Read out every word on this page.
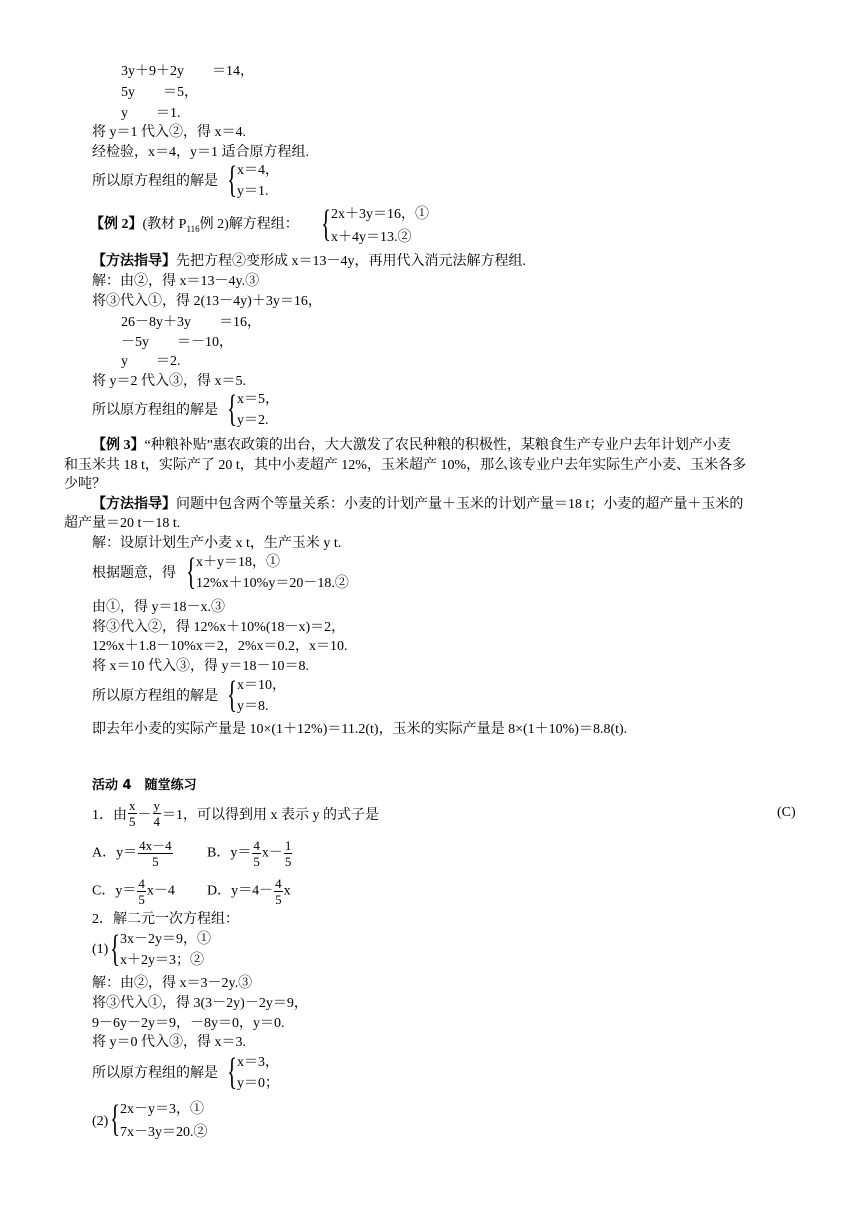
3y＋9＋2y　　＝14，
5y　　＝5，
y　　＝1.
将 y＝1 代入②，得 x＝4.
经检验，x＝4，y＝1 适合原方程组.
所以原方程组的解是 { x＝4，
y＝1.
【例 2】(教材 $P_{116}$例 2)解方程组： { 2x＋3y＝16，①
x＋4y＝13.②
【方法指导】先把方程②变形成 x＝13－4y，再用代入消元法解方程组.
解：由②，得 x＝13－4y.③
将③代入①，得 2(13－4y)＋3y＝16，
26－8y＋3y　　＝16，
－5y　　＝－10，
y　　＝2.
将 y＝2 代入③，得 x＝5.
所以原方程组的解是 { x＝5，
y＝2.
【例 3】“种粮补贴”惠农政策的出台，大大激发了农民种粮的积极性，某粮食生产专业户去年计划产小麦
和玉米共 18 t，实际产了 20 t，其中小麦超产 12%，玉米超产 10%，那么该专业户去年实际生产小麦、玉米各多
少吨？
【方法指导】问题中包含两个等量关系：小麦的计划产量＋玉米的计划产量＝18 t；小麦的超产量＋玉米的
超产量＝20 t－18 t.
解：设原计划生产小麦 x t，生产玉米 y t.
根据题意，得 { x＋y＝18，①
12%x＋10%y＝20－18.②
由①，得 y＝18－x.③
将③代入②，得 12%x＋10%(18－x)＝2，
12%x＋1.8－10%x＝2，2%x＝0.2，x＝10.
将 x＝10 代入③，得 y＝18－10＝8.
所以原方程组的解是 { x＝10，
y＝8.
即去年小麦的实际产量是 10×(1＋12%)＝11.2(t)，玉米的实际产量是 8×(1＋10%)＝8.8(t).
活动 4　随堂练习
1．由 $\frac{x}{5} - \frac{y}{4} =1$，可以得到用 x 表示 y 的式子是	(C)
A．$y= \frac{4x-4}{5}$ B．$y= \frac{4}{5} x- \frac{1}{5}$
C．$y= \frac{4}{5} x-4$ D．$y=4- \frac{4}{5}$ x
2．解二元一次方程组：
(1) { 3x－2y＝9，①
x＋2y＝3；②
解：由②，得 x＝3－2y.③
将③代入①，得 3(3－2y)－2y＝9，
9－6y－2y＝9，－8y＝0，y＝0.
将 y＝0 代入③，得 x＝3.
所以原方程组的解是 { x＝3，
y＝0；
(2) { 2x－y＝3，①
7x－3y＝20.②
